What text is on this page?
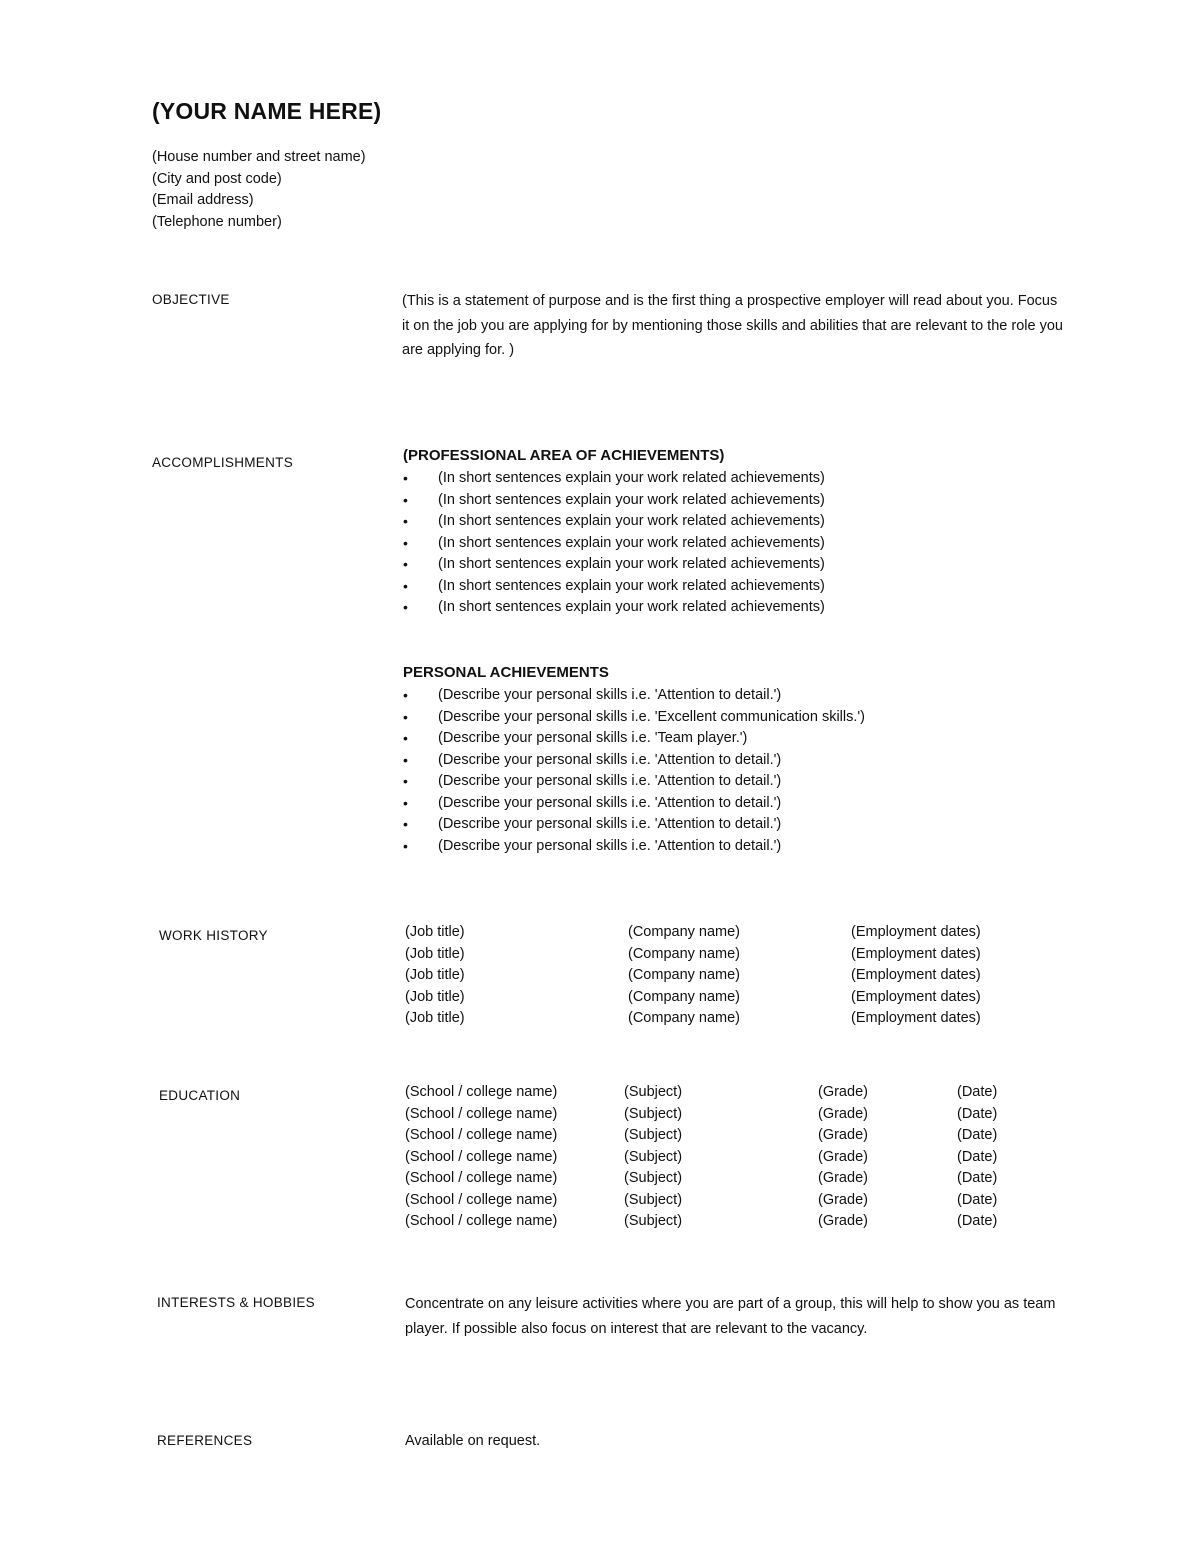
(YOUR NAME HERE)
(House number and street name)
(City and post code)
(Email address)
(Telephone number)
OBJECTIVE	(This is a statement of purpose and is the first thing a prospective employer will read about you. Focus it on the job you are applying for by mentioning those skills and abilities that are relevant to the role you are applying for. )
ACCOMPLISHMENTS	(PROFESSIONAL AREA OF ACHIEVEMENTS)
• (In short sentences explain your work related achievements)
• (In short sentences explain your work related achievements)
• (In short sentences explain your work related achievements)
• (In short sentences explain your work related achievements)
• (In short sentences explain your work related achievements)
• (In short sentences explain your work related achievements)
• (In short sentences explain your work related achievements)
PERSONAL ACHIEVEMENTS
• (Describe your personal skills i.e. 'Attention to detail.')
• (Describe your personal skills i.e. 'Excellent communication skills.')
• (Describe your personal skills i.e. 'Team player.')
• (Describe your personal skills i.e. 'Attention to detail.')
• (Describe your personal skills i.e. 'Attention to detail.')
• (Describe your personal skills i.e. 'Attention to detail.')
• (Describe your personal skills i.e. 'Attention to detail.')
• (Describe your personal skills i.e. 'Attention to detail.')
WORK HISTORY	(Job title)	(Company name)	(Employment dates)
(Job title)	(Company name)	(Employment dates)
(Job title)	(Company name)	(Employment dates)
(Job title)	(Company name)	(Employment dates)
(Job title)	(Company name)	(Employment dates)
EDUCATION	(School / college name)	(Subject)	(Grade)	(Date)
(School / college name)	(Subject)	(Grade)	(Date)
(School / college name)	(Subject)	(Grade)	(Date)
(School / college name)	(Subject)	(Grade)	(Date)
(School / college name)	(Subject)	(Grade)	(Date)
(School / college name)	(Subject)	(Grade)	(Date)
(School / college name)	(Subject)	(Grade)	(Date)
INTERESTS & HOBBIES	Concentrate on any leisure activities where you are part of a group, this will help to show you as team player. If possible also focus on interest that are relevant to the vacancy.
REFERENCES	Available on request.
